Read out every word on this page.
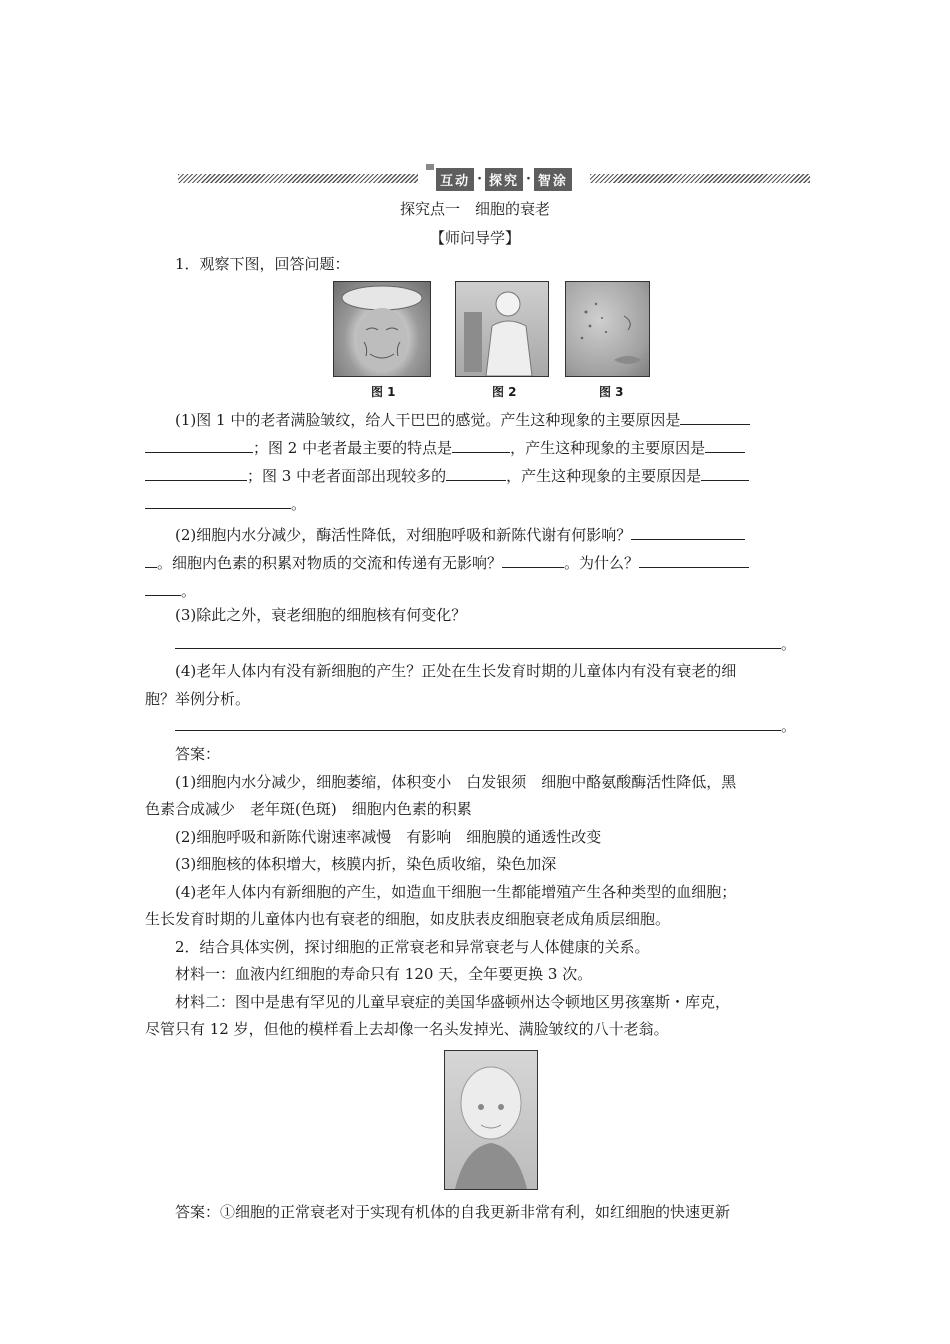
互动 · 探究 · 智涂
探究点一　细胞的衰老
【师问导学】
1．观察下图，回答问题：
图 1	图 2	图 3
(1)图 1 中的老者满脸皱纹，给人干巴巴的感觉。产生这种现象的主要原因是
；图 2 中老者最主要的特点是	，产生这种现象的主要原因是
；图 3 中老者面部出现较多的	，产生这种现象的主要原因是
。
(2)细胞内水分减少，酶活性降低，对细胞呼吸和新陈代谢有何影响？
。细胞内色素的积累对物质的交流和传递有无影响？	。为什么？
。
(3)除此之外，衰老细胞的细胞核有何变化？
。
(4)老年人体内有没有新细胞的产生？正处在生长发育时期的儿童体内有没有衰老的细
胞？举例分析。
。
答案：
(1)细胞内水分减少，细胞萎缩，体积变小　白发银须　细胞中酪氨酸酶活性降低，黑
色素合成减少　老年斑(色斑)　细胞内色素的积累
(2)细胞呼吸和新陈代谢速率减慢　有影响　细胞膜的通透性改变
(3)细胞核的体积增大，核膜内折，染色质收缩，染色加深
(4)老年人体内有新细胞的产生，如造血干细胞一生都能增殖产生各种类型的血细胞；
生长发育时期的儿童体内也有衰老的细胞，如皮肤表皮细胞衰老成角质层细胞。
2．结合具体实例，探讨细胞的正常衰老和异常衰老与人体健康的关系。
材料一：血液内红细胞的寿命只有 120 天，全年要更换 3 次。
材料二：图中是患有罕见的儿童早衰症的美国华盛顿州达令顿地区男孩塞斯・库克，
尽管只有 12 岁，但他的模样看上去却像一名头发掉光、满脸皱纹的八十老翁。
答案：①细胞的正常衰老对于实现有机体的自我更新非常有利，如红细胞的快速更新
